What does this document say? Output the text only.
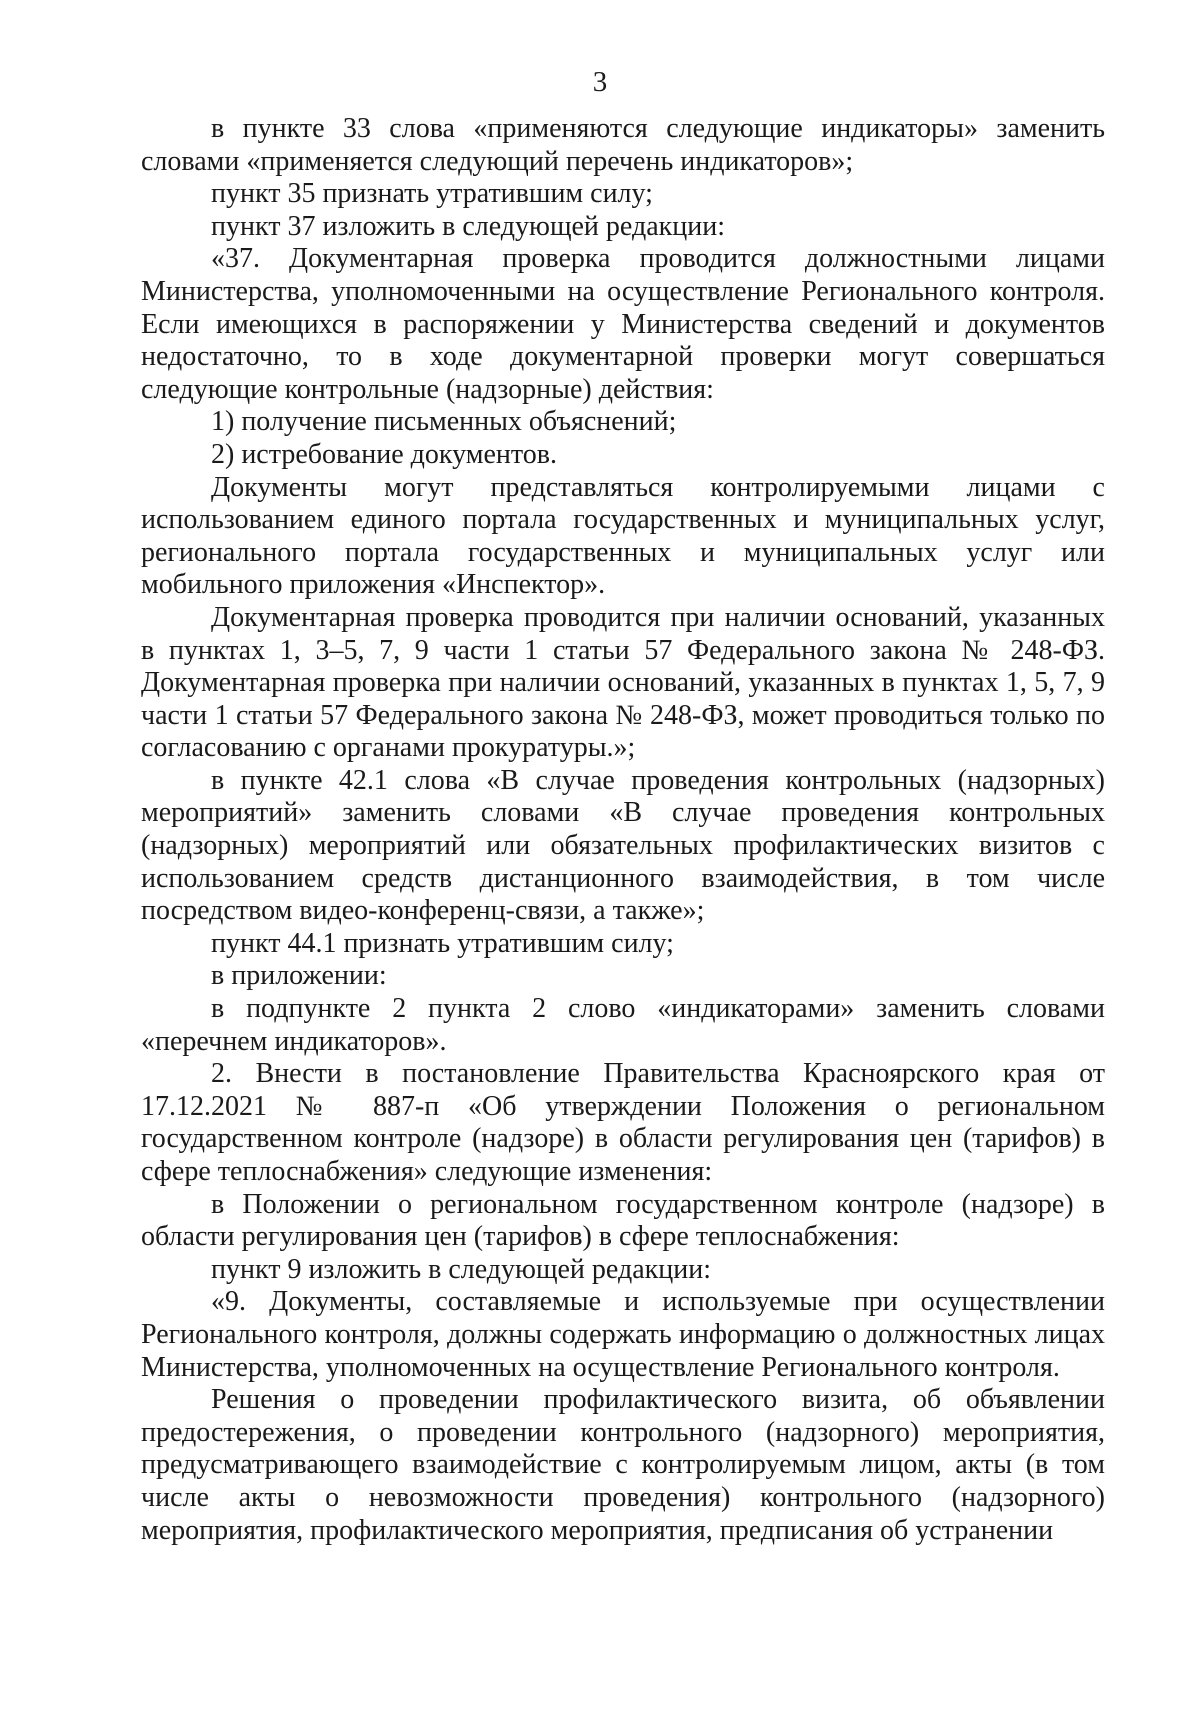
3

в пункте 33 слова «применяются следующие индикаторы» заменить словами «применяется следующий перечень индикаторов»;

пункт 35 признать утратившим силу;

пункт 37 изложить в следующей редакции:

«37. Документарная проверка проводится должностными лицами Министерства, уполномоченными на осуществление Регионального контроля. Если имеющихся в распоряжении у Министерства сведений и документов недостаточно, то в ходе документарной проверки могут совершаться следующие контрольные (надзорные) действия:

1) получение письменных объяснений;

2) истребование документов.

Документы могут представляться контролируемыми лицами с использованием единого портала государственных и муниципальных услуг, регионального портала государственных и муниципальных услуг или мобильного приложения «Инспектор».

Документарная проверка проводится при наличии оснований, указанных в пунктах 1, 3–5, 7, 9 части 1 статьи 57 Федерального закона № 248-ФЗ. Документарная проверка при наличии оснований, указанных в пунктах 1, 5, 7, 9 части 1 статьи 57 Федерального закона № 248-ФЗ, может проводиться только по согласованию с органами прокуратуры.»;

в пункте 42.1 слова «В случае проведения контрольных (надзорных) мероприятий» заменить словами «В случае проведения контрольных (надзорных) мероприятий или обязательных профилактических визитов с использованием средств дистанционного взаимодействия, в том числе посредством видео-конференц-связи, а также»;

пункт 44.1 признать утратившим силу;

в приложении:

в подпункте 2 пункта 2 слово «индикаторами» заменить словами «перечнем индикаторов».

2. Внести в постановление Правительства Красноярского края от 17.12.2021 № 887-п «Об утверждении Положения о региональном государственном контроле (надзоре) в области регулирования цен (тарифов) в сфере теплоснабжения» следующие изменения:

в Положении о региональном государственном контроле (надзоре) в области регулирования цен (тарифов) в сфере теплоснабжения:

пункт 9 изложить в следующей редакции:

«9. Документы, составляемые и используемые при осуществлении Регионального контроля, должны содержать информацию о должностных лицах Министерства, уполномоченных на осуществление Регионального контроля.

Решения о проведении профилактического визита, об объявлении предостережения, о проведении контрольного (надзорного) мероприятия, предусматривающего взаимодействие с контролируемым лицом, акты (в том числе акты о невозможности проведения) контрольного (надзорного) мероприятия, профилактического мероприятия, предписания об устранении
